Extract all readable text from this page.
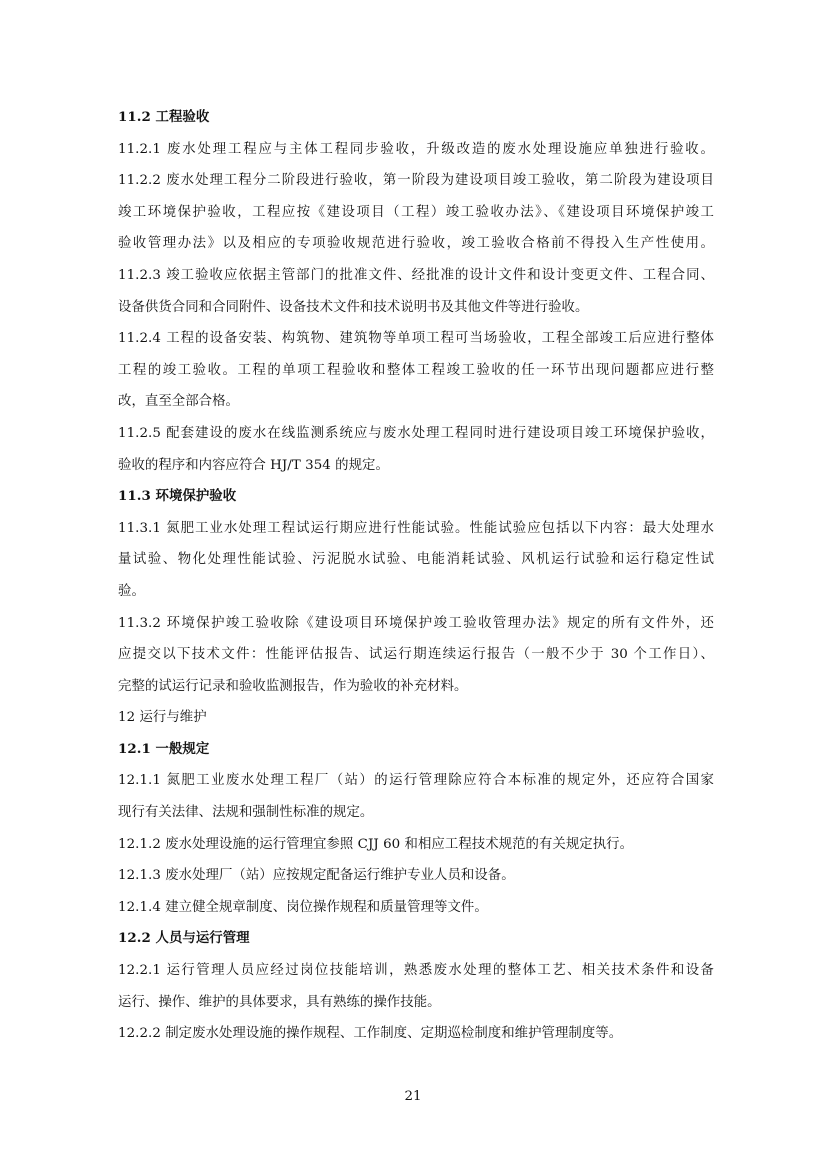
11.2 工程验收
11.2.1 废水处理工程应与主体工程同步验收，升级改造的废水处理设施应单独进行验收。
11.2.2 废水处理工程分二阶段进行验收，第一阶段为建设项目竣工验收，第二阶段为建设项目
竣工环境保护验收，工程应按《建设项目（工程）竣工验收办法》、《建设项目环境保护竣工
验收管理办法》以及相应的专项验收规范进行验收，竣工验收合格前不得投入生产性使用。
11.2.3 竣工验收应依据主管部门的批准文件、经批准的设计文件和设计变更文件、工程合同、
设备供货合同和合同附件、设备技术文件和技术说明书及其他文件等进行验收。
11.2.4 工程的设备安装、构筑物、建筑物等单项工程可当场验收，工程全部竣工后应进行整体
工程的竣工验收。工程的单项工程验收和整体工程竣工验收的任一环节出现问题都应进行整
改，直至全部合格。
11.2.5 配套建设的废水在线监测系统应与废水处理工程同时进行建设项目竣工环境保护验收，
验收的程序和内容应符合 HJ/T 354 的规定。
11.3 环境保护验收
11.3.1 氮肥工业水处理工程试运行期应进行性能试验。性能试验应包括以下内容：最大处理水
量试验、物化处理性能试验、污泥脱水试验、电能消耗试验、风机运行试验和运行稳定性试
验。
11.3.2 环境保护竣工验收除《建设项目环境保护竣工验收管理办法》规定的所有文件外，还
应提交以下技术文件：性能评估报告、试运行期连续运行报告（一般不少于 30 个工作日）、
完整的试运行记录和验收监测报告，作为验收的补充材料。
12 运行与维护
12.1 一般规定
12.1.1 氮肥工业废水处理工程厂（站）的运行管理除应符合本标准的规定外，还应符合国家
现行有关法律、法规和强制性标准的规定。
12.1.2 废水处理设施的运行管理宜参照 CJJ 60 和相应工程技术规范的有关规定执行。
12.1.3 废水处理厂（站）应按规定配备运行维护专业人员和设备。
12.1.4 建立健全规章制度、岗位操作规程和质量管理等文件。
12.2 人员与运行管理
12.2.1 运行管理人员应经过岗位技能培训，熟悉废水处理的整体工艺、相关技术条件和设备
运行、操作、维护的具体要求，具有熟练的操作技能。
12.2.2 制定废水处理设施的操作规程、工作制度、定期巡检制度和维护管理制度等。
21
